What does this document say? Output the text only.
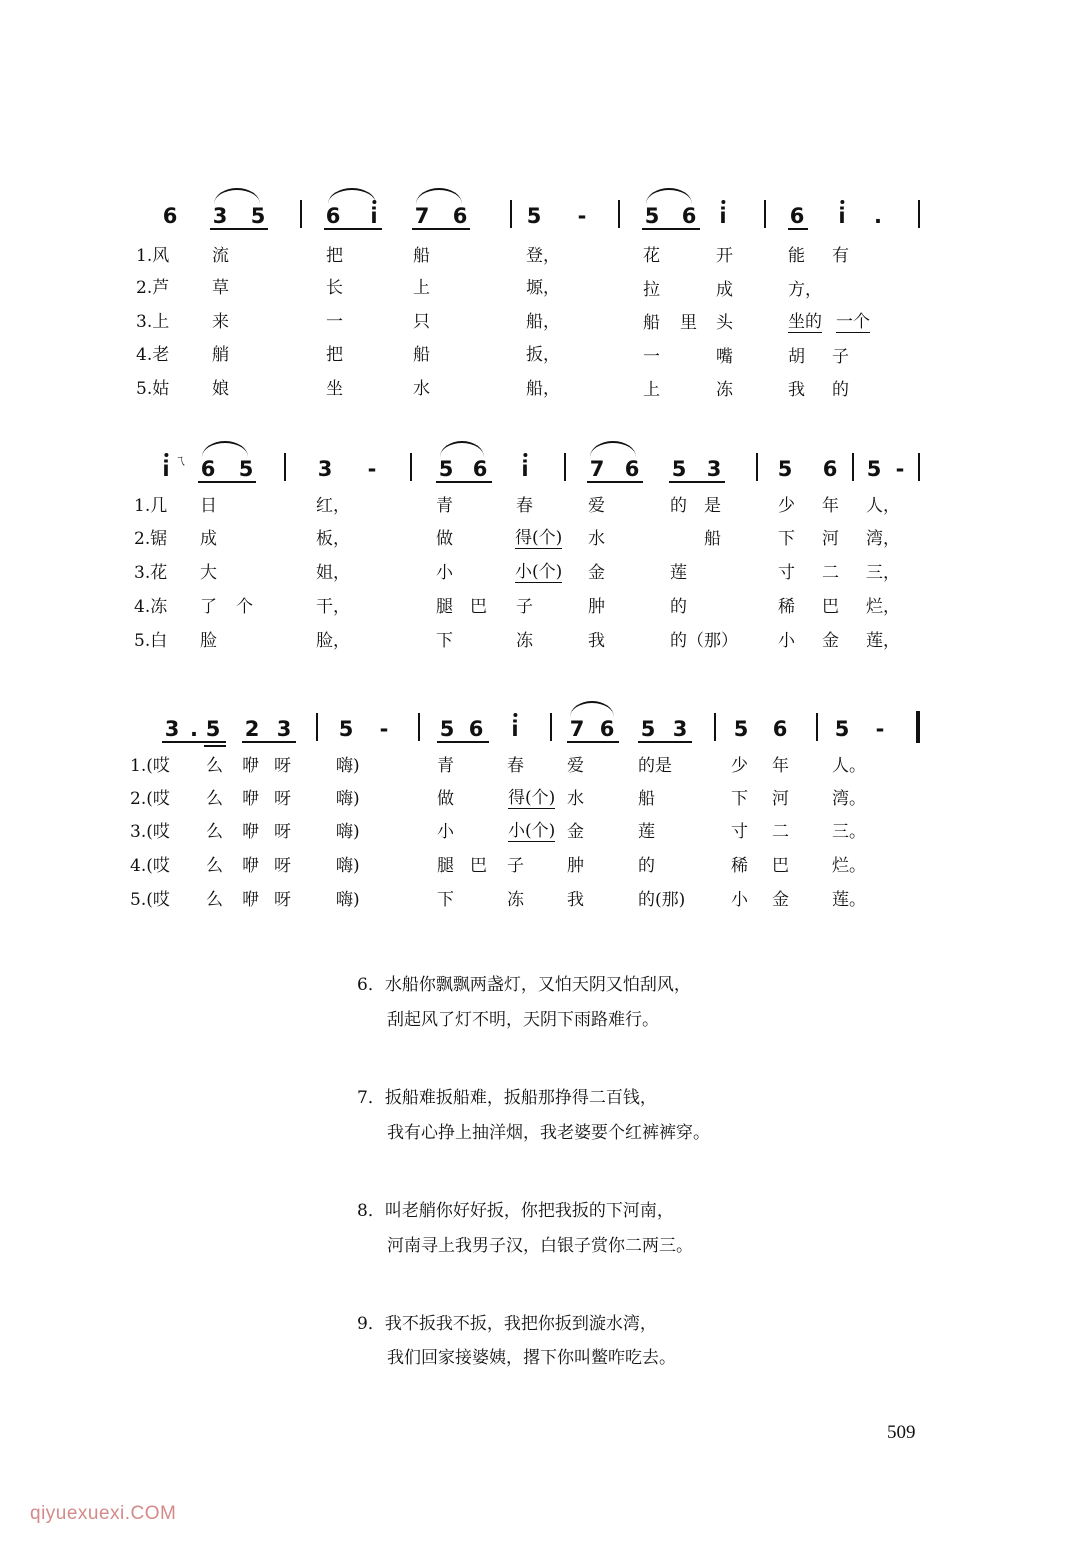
6 3 5	6 i 7 6	5 -	5 6 i	6 i .
1.风	流	把	船	登，	花	开	能 有
2.芦	草	长	上	塬，	拉	成	方，
3.上	来	一	只	船，	船 里 头	坐的 一个
4.老	艄	把	船	扳，	一	嘴	胡 子
5.姑	娘	坐	水	船，	上	冻	我 的
i ㄟ 6 5	3 -	5 6 i	7 6 5 3	5 6 5 -
1.几 日	红，	青	春	爱	的 是	少 年 人，
2.锯 成	板，	做	得(个) 水	船	下 河 湾，
3.花 大	姐，	小	小(个) 金	莲	寸 二 三，
4.冻 了 个	干，	腿 巴 子	肿	的	稀 巴 烂，
5.白 脸	脸，	下	冻	我	的（那） 小 金 莲，
3 . 5 2 3 5 - 5 6 i 7 6 5 3 5 6 5 -
1.(哎 么 咿 呀	嗨)	青	春	爱	的是	少 年	人。
2.(哎 么 咿 呀	嗨)	做	得(个) 水	船	下 河	湾。
3.(哎 么 咿 呀	嗨)	小	小(个) 金	莲	寸 二	三。
4.(哎 么 咿 呀	嗨)	腿 巴 子	肿	的	稀 巴	烂。
5.(哎 么 咿 呀	嗨)	下	冻	我	的(那)	小 金	莲。
6．水船你飘飘两盏灯，又怕天阴又怕刮风，
刮起风了灯不明，天阴下雨路难行。
7．扳船难扳船难，扳船那挣得二百钱，
我有心挣上抽洋烟，我老婆要个红裤裤穿。
8．叫老艄你好好扳，你把我扳的下河南，
河南寻上我男子汉，白银子赏你二两三。
9．我不扳我不扳，我把你扳到漩水湾，
我们回家接婆姨，撂下你叫鳖咋吃去。
509
qiyuexuexi.COM
